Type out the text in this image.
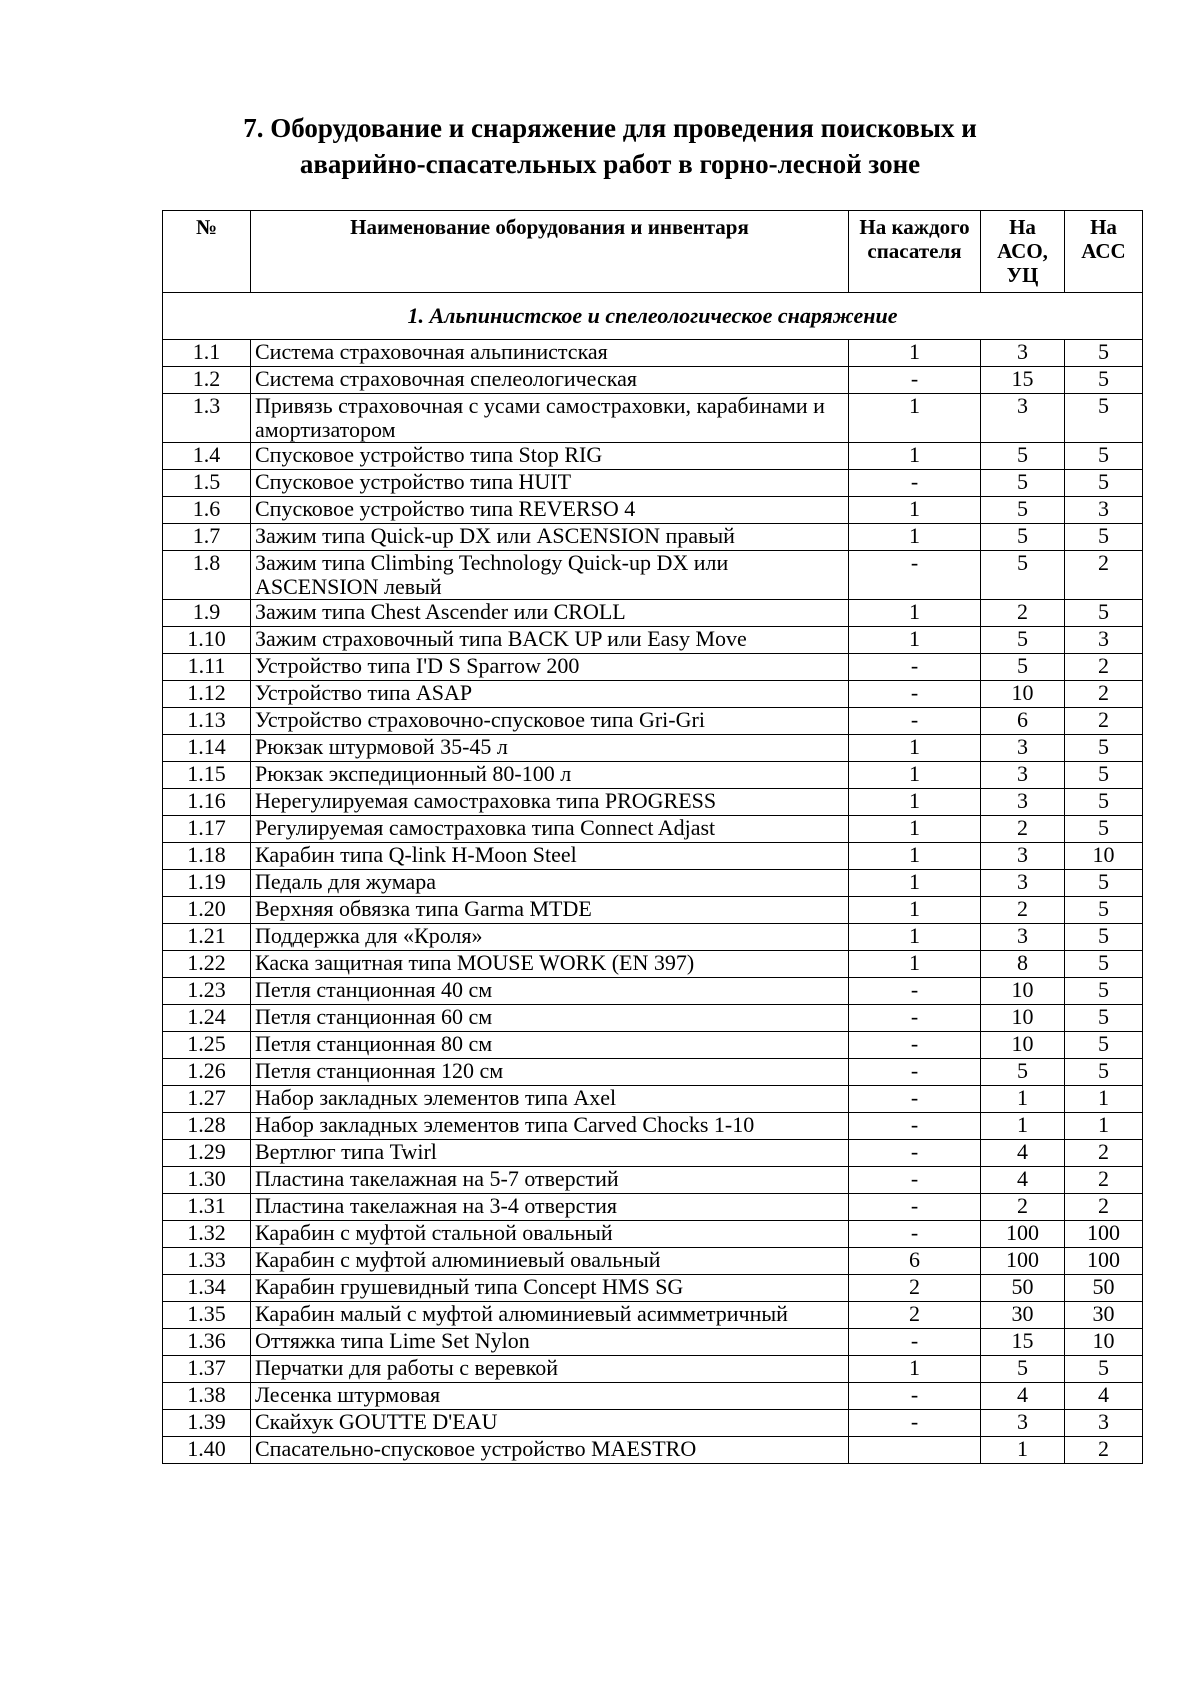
7. Оборудование и снаряжение для проведения поисковых и
аварийно-спасательных работ в горно-лесной зоне
№	Наименование оборудования и инвентаря	На каждого спасателя	На АСО, УЦ	На АСС
1. Альпинистское и спелеологическое снаряжение				
1.1	Система страховочная альпинистская	1	3	5
1.2	Система страховочная спелеологическая	-	15	5
1.3	Привязь страховочная с усами самостраховки, карабинами и амортизатором	1	3	5
1.4	Спусковое устройство типа Stop RIG	1	5	5
1.5	Спусковое устройство типа HUIT	-	5	5
1.6	Спусковое устройство типа REVERSO 4	1	5	3
1.7	Зажим типа Quick-up DX или ASCENSION правый	1	5	5
1.8	Зажим типа Climbing Technology Quick-up DX или ASCENSION левый	-	5	2
1.9	Зажим типа Chest Ascender или CROLL	1	2	5
1.10	Зажим страховочный типа BACK UP или Easy Move	1	5	3
1.11	Устройство типа I'D S Sparrow 200	-	5	2
1.12	Устройство типа ASAP	-	10	2
1.13	Устройство страховочно-спусковое типа Gri-Gri	-	6	2
1.14	Рюкзак штурмовой 35-45 л	1	3	5
1.15	Рюкзак экспедиционный 80-100 л	1	3	5
1.16	Нерегулируемая самостраховка типа PROGRESS	1	3	5
1.17	Регулируемая самостраховка типа Connect Adjast	1	2	5
1.18	Карабин типа Q-link H-Moon Steel	1	3	10
1.19	Педаль для жумара	1	3	5
1.20	Верхняя обвязка типа Garma MTDE	1	2	5
1.21	Поддержка для «Кроля»	1	3	5
1.22	Каска защитная типа MOUSE WORK (EN 397)	1	8	5
1.23	Петля станционная 40 см	-	10	5
1.24	Петля станционная 60 см	-	10	5
1.25	Петля станционная 80 см	-	10	5
1.26	Петля станционная 120 см	-	5	5
1.27	Набор закладных элементов типа Axel	-	1	1
1.28	Набор закладных элементов типа Carved Chocks 1-10	-	1	1
1.29	Вертлюг типа Twirl	-	4	2
1.30	Пластина такелажная на 5-7 отверстий	-	4	2
1.31	Пластина такелажная на 3-4 отверстия	-	2	2
1.32	Карабин с муфтой стальной овальный	-	100	100
1.33	Карабин с муфтой алюминиевый овальный	6	100	100
1.34	Карабин грушевидный типа Concept HMS SG	2	50	50
1.35	Карабин малый с муфтой алюминиевый асимметричный	2	30	30
1.36	Оттяжка типа Lime Set Nylon	-	15	10
1.37	Перчатки для работы с веревкой	1	5	5
1.38	Лесенка штурмовая	-	4	4
1.39	Скайхук GOUTTE D'EAU	-	3	3
1.40	Спасательно-спусковое устройство MAESTRO		1	2
